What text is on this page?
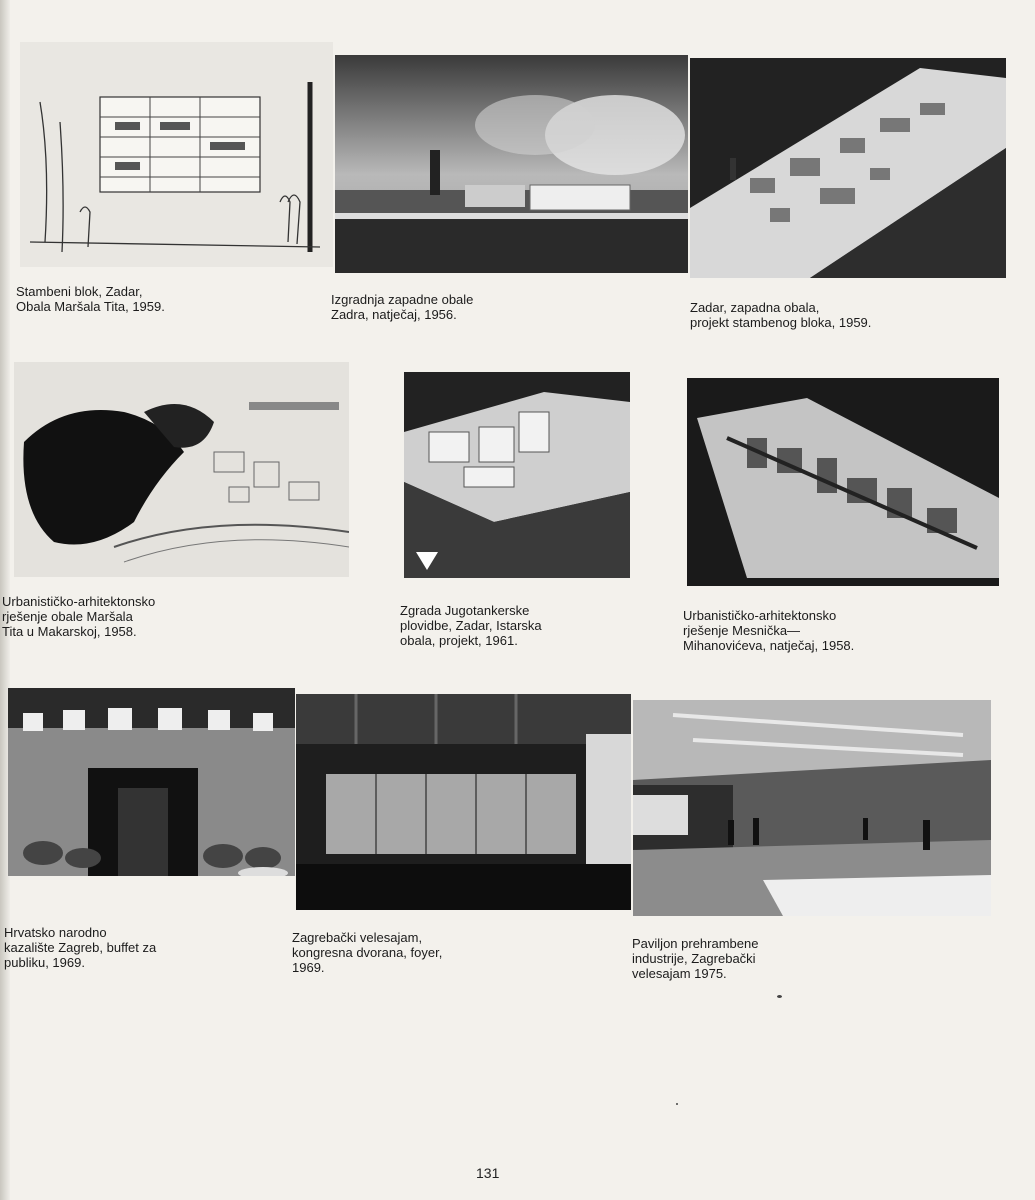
Stambeni blok, Zadar,
Obala Maršala Tita, 1959.	Izgradnja zapadne obale
Zadra, natječaj, 1956.	Zadar, zapadna obala,
projekt stambenog bloka, 1959.

Urbanističko-arhitektonsko
rješenje obale Maršala
Tita u Makarskoj, 1958.

Zgrada Jugotankerske
plovidbe, Zadar, Istarska
obala, projekt, 1961.

Urbanističko-arhitektonsko
rješenje Mesnička—
Mihanovićeva, natječaj, 1958.

Hrvatsko narodno
kazalište Zagreb, buffet za
publiku, 1969.

Zagrebački velesajam,
kongresna dvorana, foyer,
1969.

Paviljon prehrambene
industrije, Zagrebački
velesajam 1975.

131
